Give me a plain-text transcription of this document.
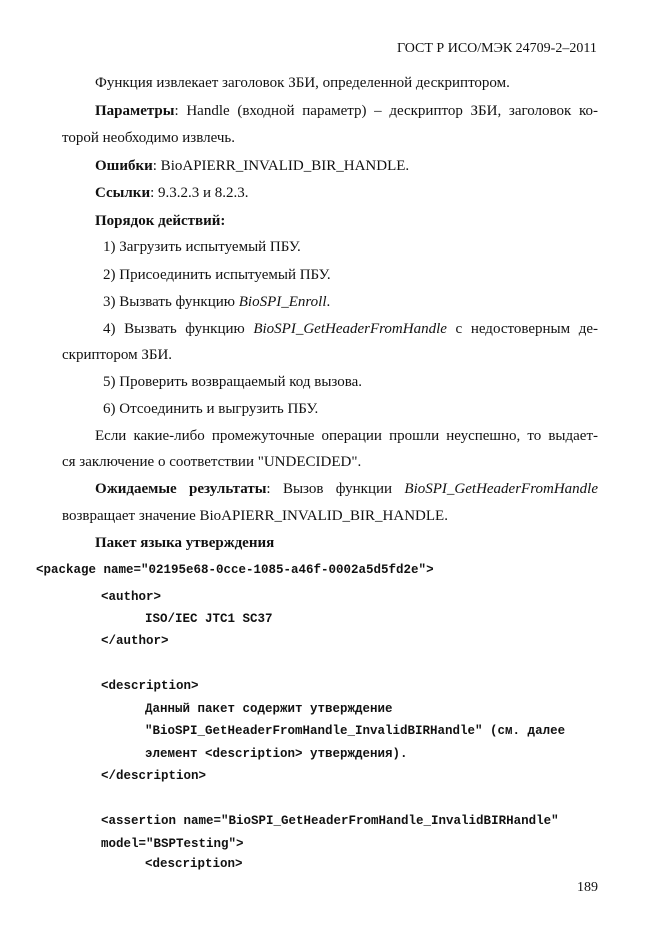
ГОСТ Р ИСО/МЭК 24709-2–2011
Функция извлекает заголовок ЗБИ, определенной дескриптором.
Параметры: Handle (входной параметр) – дескриптор ЗБИ, заголовок ко-
торой необходимо извлечь.
Ошибки: BioAPIERR_INVALID_BIR_HANDLE.
Ссылки: 9.3.2.3 и 8.2.3.
Порядок действий:
1) Загрузить испытуемый ПБУ.
2) Присоединить испытуемый ПБУ.
3) Вызвать функцию BioSPI_Enroll.
4) Вызвать функцию BioSPI_GetHeaderFromHandle с недостоверным де-
скриптором ЗБИ.
5) Проверить возвращаемый код вызова.
6) Отсоединить и выгрузить ПБУ.
Если какие-либо промежуточные операции прошли неуспешно, то выдает-
ся заключение о соответствии "UNDECIDED".
Ожидаемые результаты: Вызов функции BioSPI_GetHeaderFromHandle
возвращает значение BioAPIERR_INVALID_BIR_HANDLE.
Пакет языка утверждения
<package name="02195e68-0cce-1085-a46f-0002a5d5fd2e">
<author>
ISO/IEC JTC1 SC37
</author>
<description>
Данный пакет содержит утверждение
"BioSPI_GetHeaderFromHandle_InvalidBIRHandle" (см. далее
элемент <description> утверждения).
</description>
<assertion name="BioSPI_GetHeaderFromHandle_InvalidBIRHandle"
model="BSPTesting">
<description>
189
